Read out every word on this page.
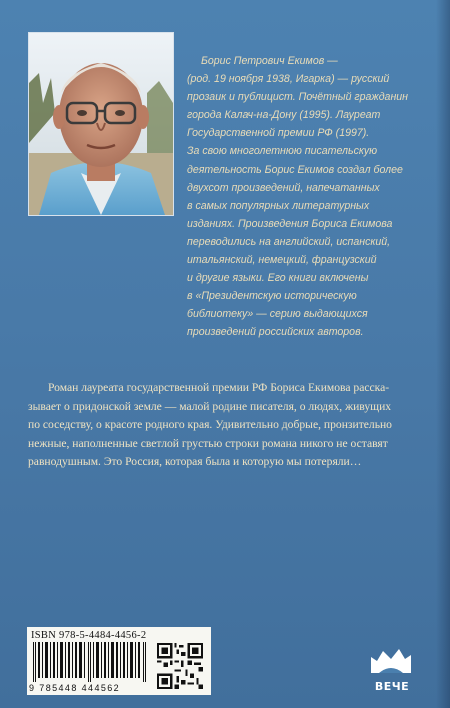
Борис Петрович Екимов —
(род. 19 ноября 1938, Игарка) — русский
прозаик и публицист. Почётный гражданин
города Калач-на-Дону (1995). Лауреат
Государственной премии РФ (1997).
За свою многолетнюю писательскую
деятельность Борис Екимов создал более
двухсот произведений, напечатанных
в самых популярных литературных
изданиях. Произведения Бориса Екимова
переводились на английский, испанский,
итальянский, немецкий, французский
и другие языки. Его книги включены
в «Президентскую историческую
библиотеку» — серию выдающихся
произведений российских авторов.
Роман лауреата государственной премии РФ Бориса Екимова расска-
зывает о придонской земле — малой родине писателя, о людях, живущих
по соседству, о красоте родного края. Удивительно добрые, пронзительно
нежные, наполненные светлой грустью строки романа никого не оставят
равнодушным. Это Россия, которая была и которую мы потеряли…
ISBN 978-5-4484-4456-2
9 785448 444562	ВЕЧЕ
